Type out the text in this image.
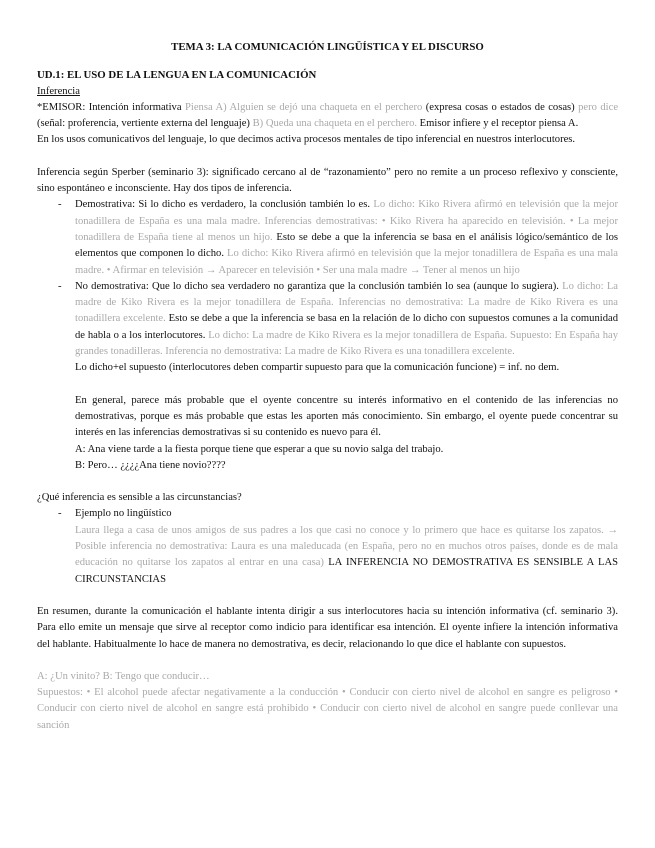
TEMA 3: LA COMUNICACIÓN LINGÜÍSTICA Y EL DISCURSO

UD.1: EL USO DE LA LENGUA EN LA COMUNICACIÓN

Inferencia

*EMISOR: Intención informativa Piensa A) Alguien se dejó una chaqueta en el perchero (expresa cosas o estados de cosas) pero dice (señal: proferencia, vertiente externa del lenguaje) B) Queda una chaqueta en el perchero. Emisor infiere y el receptor piensa A.

En los usos comunicativos del lenguaje, lo que decimos activa procesos mentales de tipo inferencial en nuestros interlocutores.

Inferencia según Sperber (seminario 3): significado cercano al de “razonamiento” pero no remite a un proceso reflexivo y consciente, sino espontáneo e inconsciente. Hay dos tipos de inferencia.

- Demostrativa: Si lo dicho es verdadero, la conclusión también lo es. Lo dicho: Kiko Rivera afirmó en televisión que la mejor tonadillera de España es una mala madre. Inferencias demostrativas: • Kiko Rivera ha aparecido en televisión. • La mejor tonadillera de España tiene al menos un hijo. Esto se debe a que la inferencia se basa en el análisis lógico/semántico de los elementos que componen lo dicho. Lo dicho: Kiko Rivera afirmó en televisión que la mejor tonadillera de España es una mala madre. • Afirmar en televisión → Aparecer en televisión • Ser una mala madre → Tener al menos un hijo

- No demostrativa: Que lo dicho sea verdadero no garantiza que la conclusión también lo sea (aunque lo sugiera). Lo dicho: La madre de Kiko Rivera es la mejor tonadillera de España. Inferencias no demostrativa: La madre de Kiko Rivera es una tonadillera excelente. Esto se debe a que la inferencia se basa en la relación de lo dicho con supuestos comunes a la comunidad de habla o a los interlocutores. Lo dicho: La madre de Kiko Rivera es la mejor tonadillera de España. Supuesto: En España hay grandes tonadilleras. Inferencia no demostrativa: La madre de Kiko Rivera es una tonadillera excelente.

Lo dicho+el supuesto (interlocutores deben compartir supuesto para que la comunicación funcione) = inf. no dem.

En general, parece más probable que el oyente concentre su interés informativo en el contenido de las inferencias no demostrativas, porque es más probable que estas les aporten más conocimiento. Sin embargo, el oyente puede concentrar su interés en las inferencias demostrativas si su contenido es nuevo para él.

A: Ana viene tarde a la fiesta porque tiene que esperar a que su novio salga del trabajo.

B: Pero… ¿¿¿¿Ana tiene novio????

¿Qué inferencia es sensible a las circunstancias?

- Ejemplo no lingüístico

Laura llega a casa de unos amigos de sus padres a los que casi no conoce y lo primero que hace es quitarse los zapatos. → Posible inferencia no demostrativa: Laura es una maleducada (en España, pero no en muchos otros países, donde es de mala educación no quitarse los zapatos al entrar en una casa) LA INFERENCIA NO DEMOSTRATIVA ES SENSIBLE A LAS CIRCUNSTANCIAS

En resumen, durante la comunicación el hablante intenta dirigir a sus interlocutores hacia su intención informativa (cf. seminario 3). Para ello emite un mensaje que sirve al receptor como indicio para identificar esa intención. El oyente infiere la intención informativa del hablante. Habitualmente lo hace de manera no demostrativa, es decir, relacionando lo que dice el hablante con supuestos.

A: ¿Un vinito? B: Tengo que conducir…

Supuestos: • El alcohol puede afectar negativamente a la conducción • Conducir con cierto nivel de alcohol en sangre es peligroso • Conducir con cierto nivel de alcohol en sangre está prohibido • Conducir con cierto nivel de alcohol en sangre puede conllevar una sanción
